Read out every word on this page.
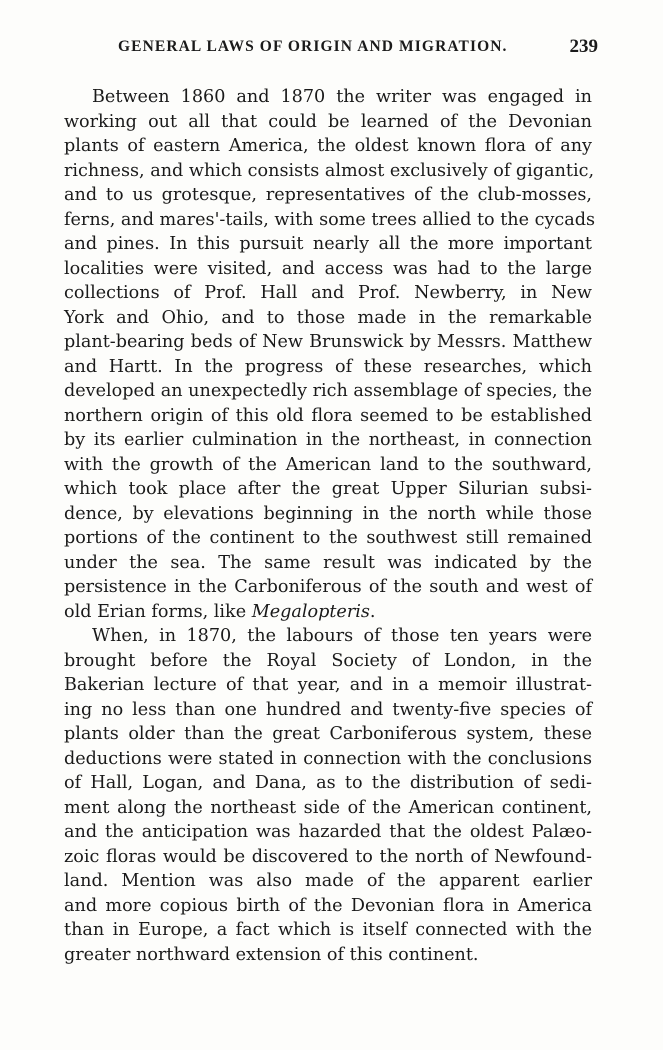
GENERAL LAWS OF ORIGIN AND MIGRATION.	239
Between 1860 and 1870 the writer was engaged in
working out all that could be learned of the Devonian
plants of eastern America, the oldest known flora of any
richness, and which consists almost exclusively of gigantic,
and to us grotesque, representatives of the club-mosses,
ferns, and mares'-tails, with some trees allied to the cycads
and pines. In this pursuit nearly all the more important
localities were visited, and access was had to the large
collections of Prof. Hall and Prof. Newberry, in New
York and Ohio, and to those made in the remarkable
plant-bearing beds of New Brunswick by Messrs. Matthew
and Hartt. In the progress of these researches, which
developed an unexpectedly rich assemblage of species, the
northern origin of this old flora seemed to be established
by its earlier culmination in the northeast, in connection
with the growth of the American land to the southward,
which took place after the great Upper Silurian subsi-
dence, by elevations beginning in the north while those
portions of the continent to the southwest still remained
under the sea. The same result was indicated by the
persistence in the Carboniferous of the south and west of
old Erian forms, like Megalopteris.
When, in 1870, the labours of those ten years were
brought before the Royal Society of London, in the
Bakerian lecture of that year, and in a memoir illustrat-
ing no less than one hundred and twenty-five species of
plants older than the great Carboniferous system, these
deductions were stated in connection with the conclusions
of Hall, Logan, and Dana, as to the distribution of sedi-
ment along the northeast side of the American continent,
and the anticipation was hazarded that the oldest Palæo-
zoic floras would be discovered to the north of Newfound-
land. Mention was also made of the apparent earlier
and more copious birth of the Devonian flora in America
than in Europe, a fact which is itself connected with the
greater northward extension of this continent.
